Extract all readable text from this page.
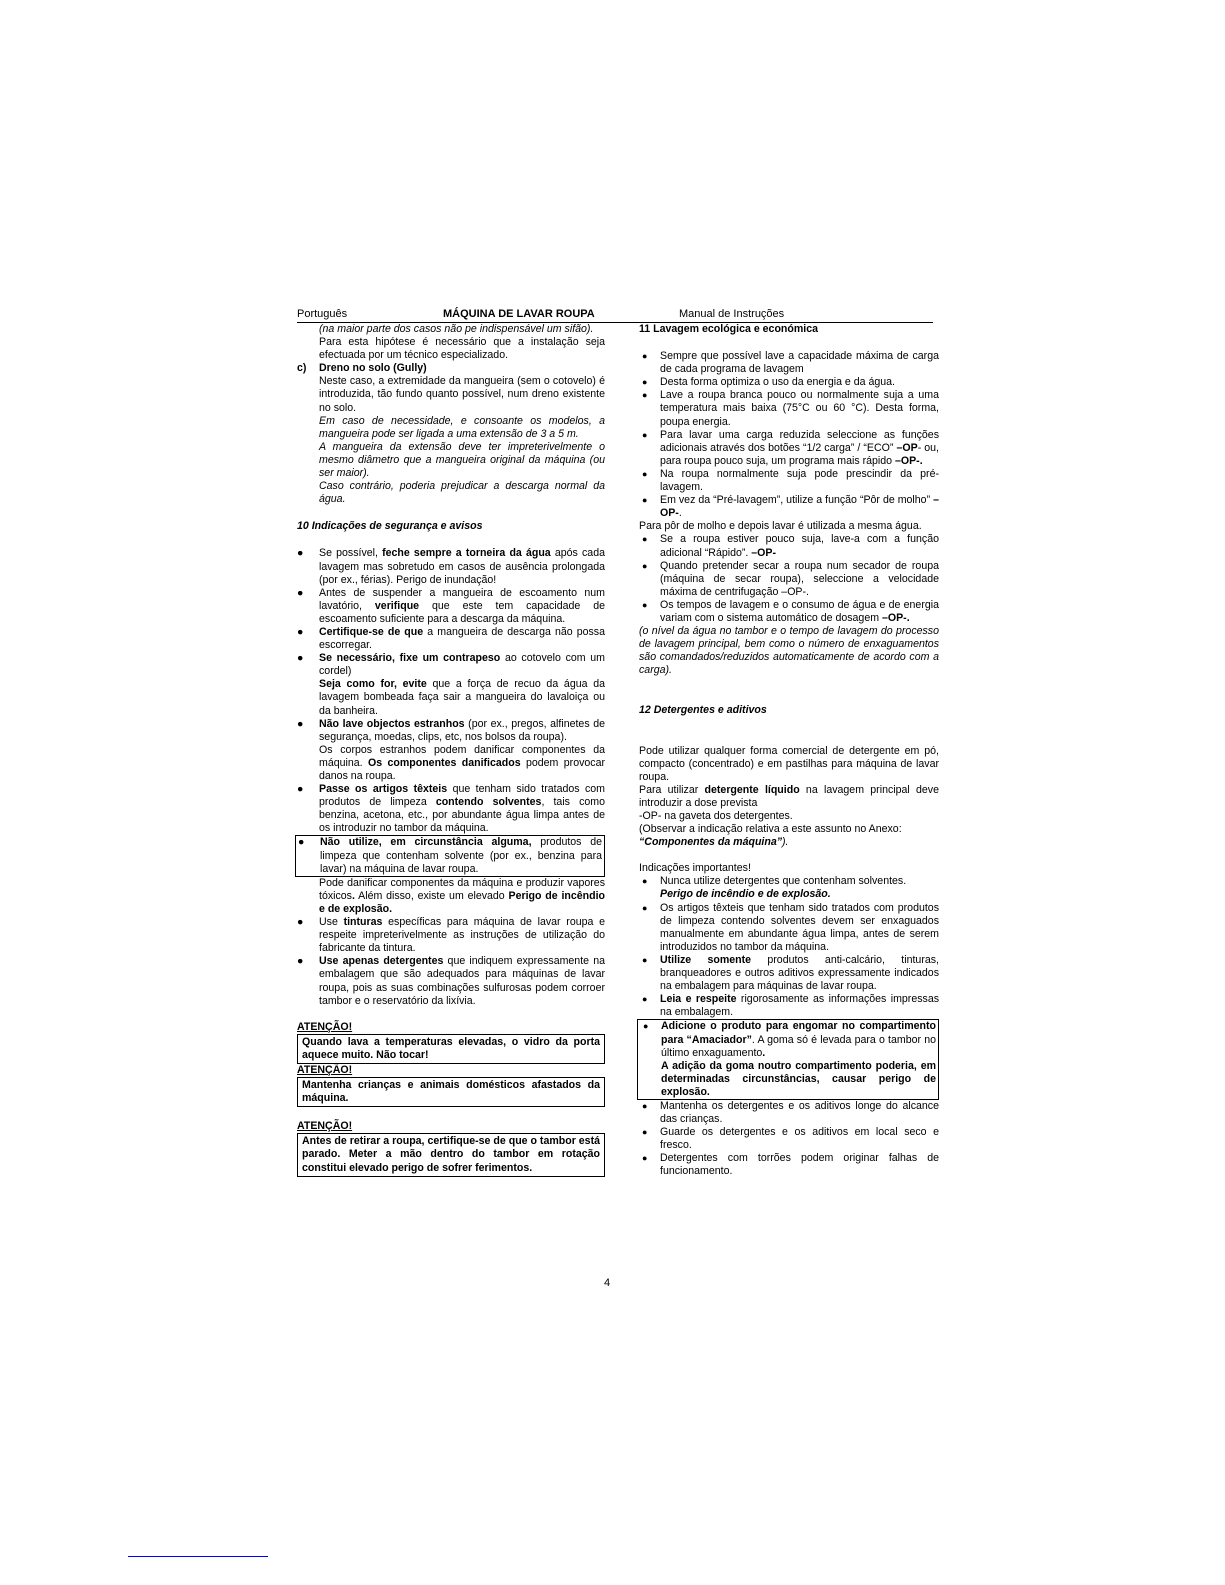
Português	MÁQUINA DE LAVAR ROUPA	Manual de Instruções

(na maior parte dos casos não pe indispensável um sifão).

Para esta hipótese é necessário que a instalação seja efectuada por um técnico especializado.

c) Dreno no solo (Gully)

Neste caso, a extremidade da mangueira (sem o cotovelo) é introduzida, tão fundo quanto possível, num dreno existente no solo.

Em caso de necessidade, e consoante os modelos, a mangueira pode ser ligada a uma extensão de 3 a 5 m.

A mangueira da extensão deve ter impreterivelmente o mesmo diâmetro que a mangueira original da máquina (ou ser maior).

Caso contrário, poderia prejudicar a descarga normal da água.

10 Indicações de segurança e avisos

● Se possível, feche sempre a torneira da água após cada lavagem mas sobretudo em casos de ausência prolongada (por ex., férias). Perigo de inundação!

● Antes de suspender a mangueira de escoamento num lavatório, verifique que este tem capacidade de escoamento suficiente para a descarga da máquina.

● Certifique-se de que a mangueira de descarga não possa escorregar.

● Se necessário, fixe um contrapeso ao cotovelo com um cordel)

Seja como for, evite que a força de recuo da água da lavagem bombeada faça sair a mangueira do lavaloiça ou da banheira.

● Não lave objectos estranhos (por ex., pregos, alfinetes de segurança, moedas, clips, etc, nos bolsos da roupa).

Os corpos estranhos podem danificar componentes da máquina. Os componentes danificados podem provocar danos na roupa.

● Passe os artigos têxteis que tenham sido tratados com produtos de limpeza contendo solventes, tais como benzina, acetona, etc., por abundante água limpa antes de os introduzir no tambor da máquina.

● Não utilize, em circunstância alguma, produtos de limpeza que contenham solvente (por ex., benzina para lavar) na máquina de lavar roupa.

Pode danificar componentes da máquina e produzir vapores tóxicos. Além disso, existe um elevado Perigo de incêndio e de explosão.

● Use tinturas específicas para máquina de lavar roupa e respeite impreterivelmente as instruções de utilização do fabricante da tintura.

● Use apenas detergentes que indiquem expressamente na embalagem que são adequados para máquinas de lavar roupa, pois as suas combinações sulfurosas podem corroer tambor e o reservatório da lixívia.

ATENÇÃO!

Quando lava a temperaturas elevadas, o vidro da porta aquece muito. Não tocar!

ATENÇÃO!

Mantenha crianças e animais domésticos afastados da máquina.

ATENÇÃO!

Antes de retirar a roupa, certifique-se de que o tambor está parado. Meter a mão dentro do tambor em rotação constitui elevado perigo de sofrer ferimentos.

11 Lavagem ecológica e económica

● Sempre que possível lave a capacidade máxima de carga de cada programa de lavagem

● Desta forma optimiza o uso da energia e da água.

● Lave a roupa branca pouco ou normalmente suja a uma temperatura mais baixa (75°C ou 60 °C). Desta forma, poupa energia.

● Para lavar uma carga reduzida seleccione as funções adicionais através dos botões “1/2 carga” / “ECO” –OP- ou, para roupa pouco suja, um programa mais rápido –OP-.

● Na roupa normalmente suja pode prescindir da pré-lavagem.

● Em vez da “Pré-lavagem”, utilize a função “Pôr de molho” –OP-.

Para pôr de molho e depois lavar é utilizada a mesma água.

● Se a roupa estiver pouco suja, lave-a com a função adicional “Rápido”. –OP-

● Quando pretender secar a roupa num secador de roupa (máquina de secar roupa), seleccione a velocidade máxima de centrifugação –OP-.

● Os tempos de lavagem e o consumo de água e de energia variam com o sistema automático de dosagem –OP-.

(o nível da água no tambor e o tempo de lavagem do processo de lavagem principal, bem como o número de enxaguamentos são comandados/reduzidos automaticamente de acordo com a carga).

12 Detergentes e aditivos

Pode utilizar qualquer forma comercial de detergente em pó, compacto (concentrado) e em pastilhas para máquina de lavar roupa.

Para utilizar detergente líquido na lavagem principal deve introduzir a dose prevista

-OP- na gaveta dos detergentes.

(Observar a indicação relativa a este assunto no Anexo:

“Componentes da máquina”).

Indicações importantes!

● Nunca utilize detergentes que contenham solventes.

Perigo de incêndio e de explosão.

● Os artigos têxteis que tenham sido tratados com produtos de limpeza contendo solventes devem ser enxaguados manualmente em abundante água limpa, antes de serem introduzidos no tambor da máquina.

● Utilize somente produtos anti-calcário, tinturas, branqueadores e outros aditivos expressamente indicados na embalagem para máquinas de lavar roupa.

● Leia e respeite rigorosamente as informações impressas na embalagem.

● Adicione o produto para engomar no compartimento para “Amaciador”. A goma só é levada para o tambor no último enxaguamento.

A adição da goma noutro compartimento poderia, em determinadas circunstâncias, causar perigo de explosão.

● Mantenha os detergentes e os aditivos longe do alcance das crianças.

● Guarde os detergentes e os aditivos em local seco e fresco.

● Detergentes com torrões podem originar falhas de funcionamento.

4
